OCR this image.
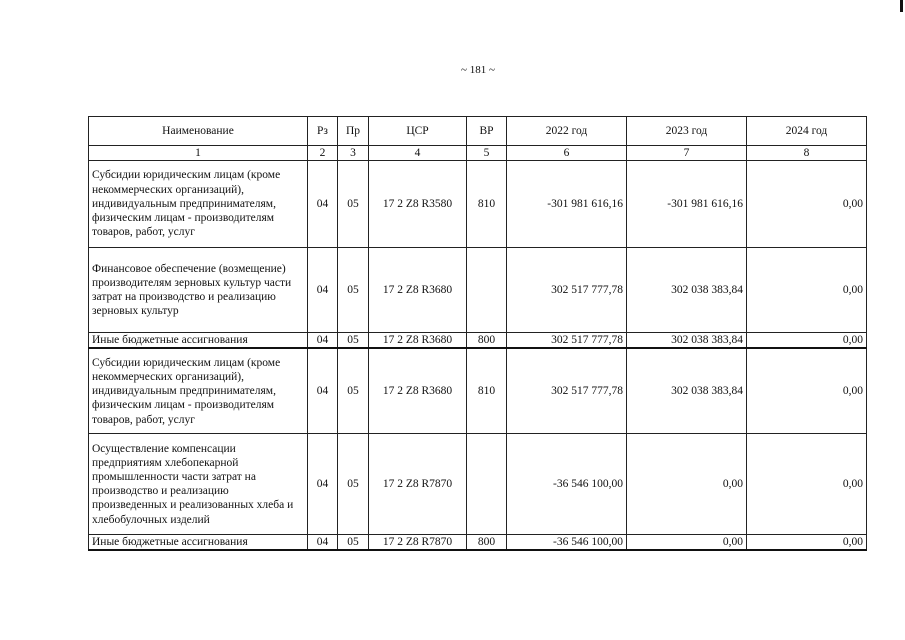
~ 181 ~
Наименование	Рз	Пр	ЦСР	ВР	2022 год	2023 год	2024 год
1	2	3	4	5	6	7	8
Субсидии юридическим лицам (кроме некоммерческих организаций), индивидуальным предпринимателям, физическим лицам - производителям товаров, работ, услуг	04	05	17 2 Z8 R3580	810	-301 981 616,16	-301 981 616,16	0,00
Финансовое обеспечение (возмещение) производителям зерновых культур части затрат на производство и реализацию зерновых культур	04	05	17 2 Z8 R3680		302 517 777,78	302 038 383,84	0,00
Иные бюджетные ассигнования	04	05	17 2 Z8 R3680	800	302 517 777,78	302 038 383,84	0,00
Субсидии юридическим лицам (кроме некоммерческих организаций), индивидуальным предпринимателям, физическим лицам - производителям товаров, работ, услуг	04	05	17 2 Z8 R3680	810	302 517 777,78	302 038 383,84	0,00
Осуществление компенсации предприятиям хлебопекарной промышленности части затрат на производство и реализацию произведенных и реализованных хлеба и хлебобулочных изделий	04	05	17 2 Z8 R7870		-36 546 100,00	0,00	0,00
Иные бюджетные ассигнования	04	05	17 2 Z8 R7870	800	-36 546 100,00	0,00	0,00
